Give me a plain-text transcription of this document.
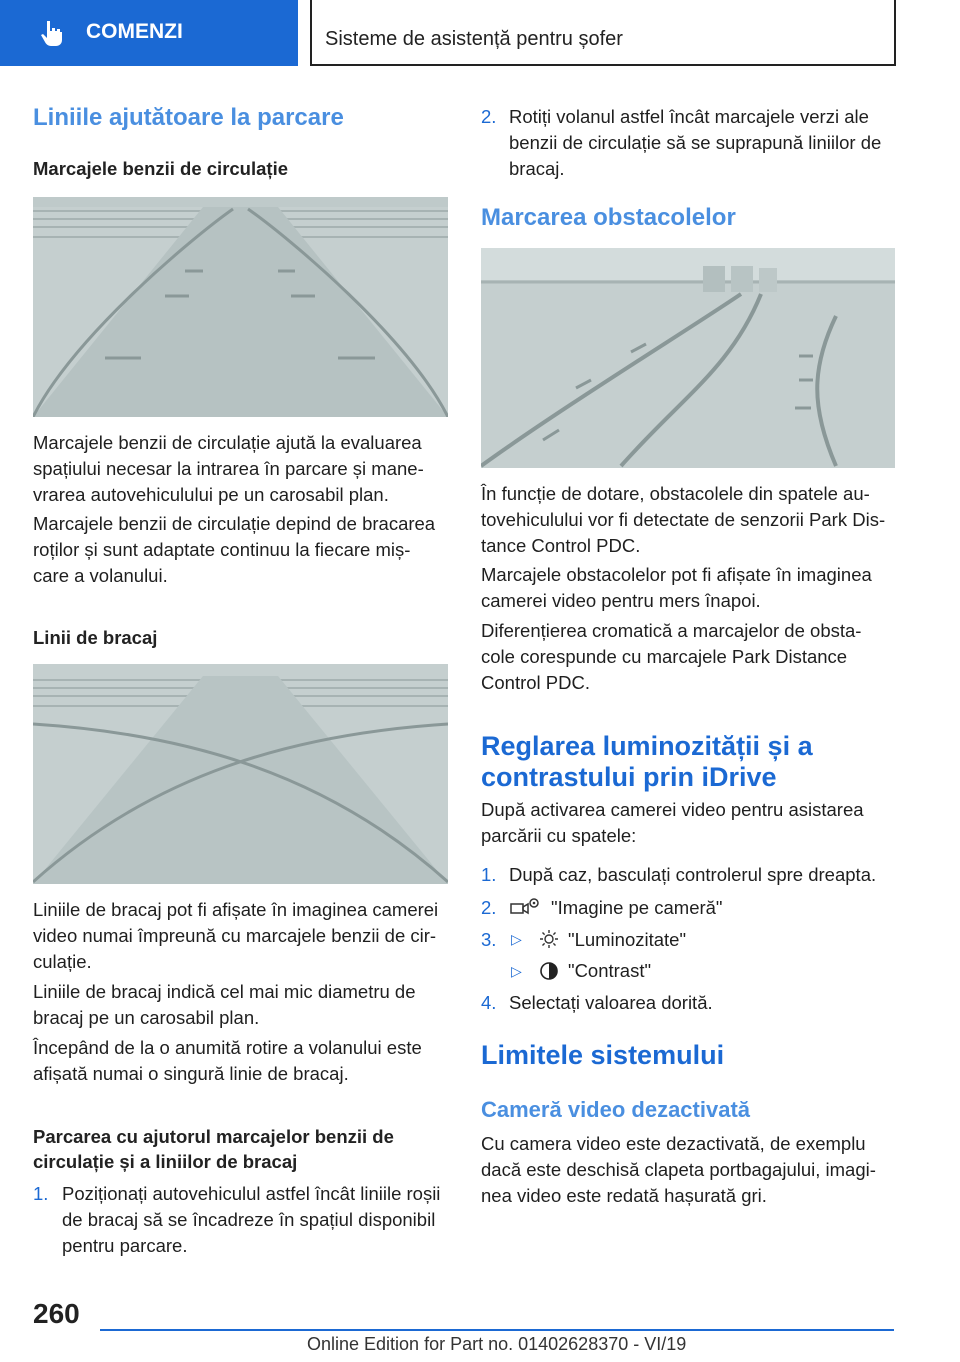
COMENZI	Sisteme de asistență pentru șofer
Liniile ajutătoare la parcare
Marcajele benzii de circulație
Marcajele benzii de circulație ajută la evaluarea
spațiului necesar la intrarea în parcare și mane-
vrarea autovehiculului pe un carosabil plan.
Marcajele benzii de circulație depind de bracarea
roților și sunt adaptate continuu la fiecare miș-
care a volanului.
Linii de bracaj
Liniile de bracaj pot fi afișate în imaginea camerei
video numai împreună cu marcajele benzii de cir-
culație.
Liniile de bracaj indică cel mai mic diametru de
bracaj pe un carosabil plan.
Începând de la o anumită rotire a volanului este
afișată numai o singură linie de bracaj.
Parcarea cu ajutorul marcajelor benzii de
circulație și a liniilor de bracaj
1. Poziționați autovehiculul astfel încât liniile roșii
de bracaj să se încadreze în spațiul disponibil
pentru parcare.
2. Rotiți volanul astfel încât marcajele verzi ale
benzii de circulație să se suprapună liniilor de
bracaj.
Marcarea obstacolelor
În funcție de dotare, obstacolele din spatele au-
tovehiculului vor fi detectate de senzorii Park Dis-
tance Control PDC.
Marcajele obstacolelor pot fi afișate în imaginea
camerei video pentru mers înapoi.
Diferențierea cromatică a marcajelor de obsta-
cole corespunde cu marcajele Park Distance
Control PDC.
Reglarea luminozității și a
contrastului prin iDrive
După activarea camerei video pentru asistarea
parcării cu spatele:
1. După caz, basculați controlerul spre dreapta.
2.	"Imagine pe cameră"
3. ▷ "Luminozitate"
▷ "Contrast"
4. Selectați valoarea dorită.
Limitele sistemului
Cameră video dezactivată
Cu camera video este dezactivată, de exemplu
dacă este deschisă clapeta portbagajului, imagi-
nea video este redată hașurată gri.
260
Online Edition for Part no. 01402628370 - VI/19
